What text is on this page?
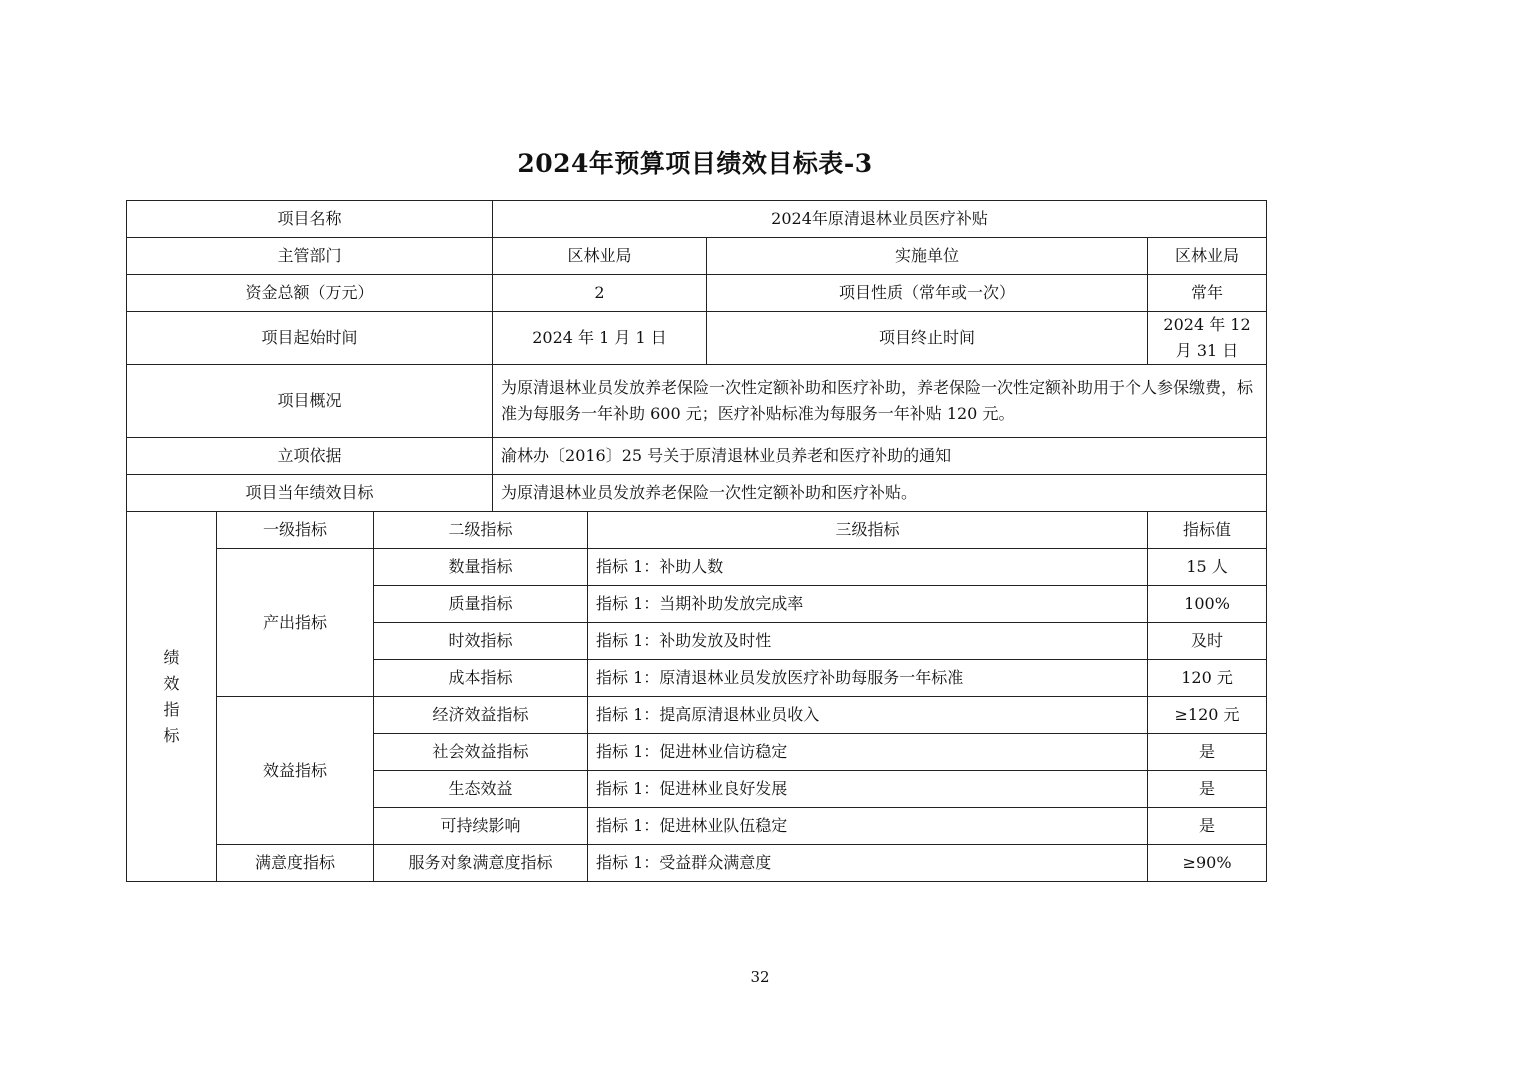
2024年预算项目绩效目标表-3
项目名称			2024年原清退林业员医疗补贴			
主管部门			区林业局		实施单位	区林业局
资金总额（万元）			2		项目性质（常年或一次）	常年
项目起始时间			2024 年 1 月 1 日		项目终止时间	2024 年 12 月 31 日
项目概况			为原清退林业员发放养老保险一次性定额补助和医疗补助，养老保险一次性定额补助用于个人参保缴费，标准为每服务一年补助 600 元；医疗补贴标准为每服务一年补贴 120 元。			
立项依据			渝林办〔2016〕25 号关于原清退林业员养老和医疗补助的通知			
项目当年绩效目标			为原清退林业员发放养老保险一次性定额补助和医疗补贴。			

绩
效
指
标	一级指标	二级指标		三级指标		指标值
	产出指标	数量指标		指标 1：补助人数		15 人
		质量指标		指标 1：当期补助发放完成率		100%
		时效指标		指标 1：补助发放及时性		及时
		成本指标		指标 1：原清退林业员发放医疗补助每服务一年标准		120 元
	效益指标	经济效益指标		指标 1：提高原清退林业员收入		≥120 元
		社会效益指标		指标 1：促进林业信访稳定		是
		生态效益		指标 1：促进林业良好发展		是
		可持续影响		指标 1：促进林业队伍稳定		是
	满意度指标	服务对象满意度指标		指标 1：受益群众满意度		≥90%
32
